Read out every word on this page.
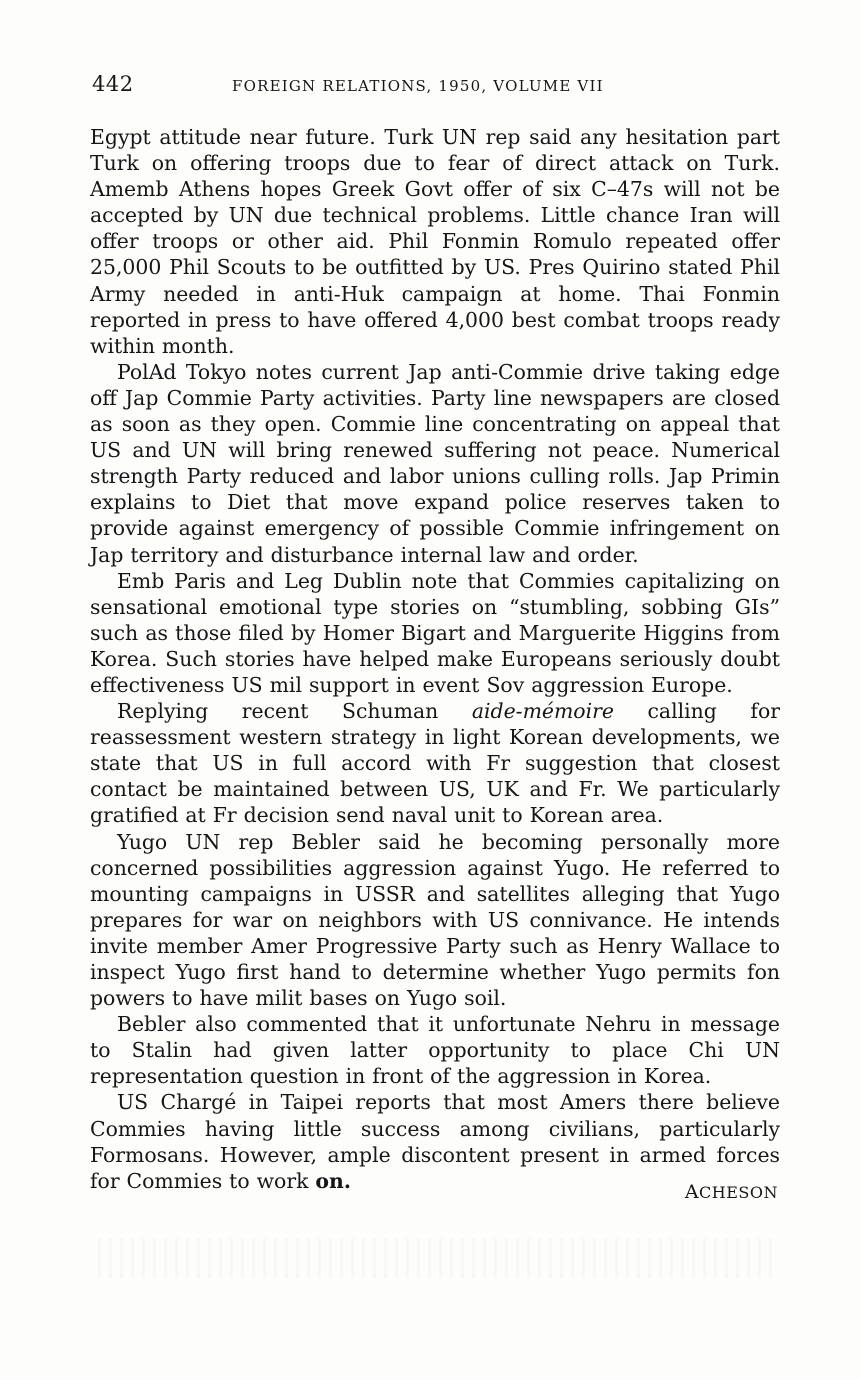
442	FOREIGN RELATIONS, 1950, VOLUME VII

Egypt attitude near future. Turk UN rep said any hesitation part Turk on offering troops due to fear of direct attack on Turk. Amemb Athens hopes Greek Govt offer of six C–47s will not be accepted by UN due technical problems. Little chance Iran will offer troops or other aid. Phil Fonmin Romulo repeated offer 25,000 Phil Scouts to be outfitted by US. Pres Quirino stated Phil Army needed in anti-Huk campaign at home. Thai Fonmin reported in press to have offered 4,000 best combat troops ready within month.

PolAd Tokyo notes current Jap anti-Commie drive taking edge off Jap Commie Party activities. Party line newspapers are closed as soon as they open. Commie line concentrating on appeal that US and UN will bring renewed suffering not peace. Numerical strength Party reduced and labor unions culling rolls. Jap Primin explains to Diet that move expand police reserves taken to provide against emergency of possible Commie infringement on Jap territory and disturbance internal law and order.

Emb Paris and Leg Dublin note that Commies capitalizing on sensational emotional type stories on “stumbling, sobbing GIs” such as those filed by Homer Bigart and Marguerite Higgins from Korea. Such stories have helped make Europeans seriously doubt effectiveness US mil support in event Sov aggression Europe.

Replying recent Schuman aide-mémoire calling for reassessment western strategy in light Korean developments, we state that US in full accord with Fr suggestion that closest contact be maintained between US, UK and Fr. We particularly gratified at Fr decision send naval unit to Korean area.

Yugo UN rep Bebler said he becoming personally more concerned possibilities aggression against Yugo. He referred to mounting campaigns in USSR and satellites alleging that Yugo prepares for war on neighbors with US connivance. He intends invite member Amer Progressive Party such as Henry Wallace to inspect Yugo first hand to determine whether Yugo permits fon powers to have milit bases on Yugo soil.

Bebler also commented that it unfortunate Nehru in message to Stalin had given latter opportunity to place Chi UN representation question in front of the aggression in Korea.

US Chargé in Taipei reports that most Amers there believe Commies having little success among civilians, particularly Formosans. However, ample discontent present in armed forces for Commies to work on.	ACHESON
